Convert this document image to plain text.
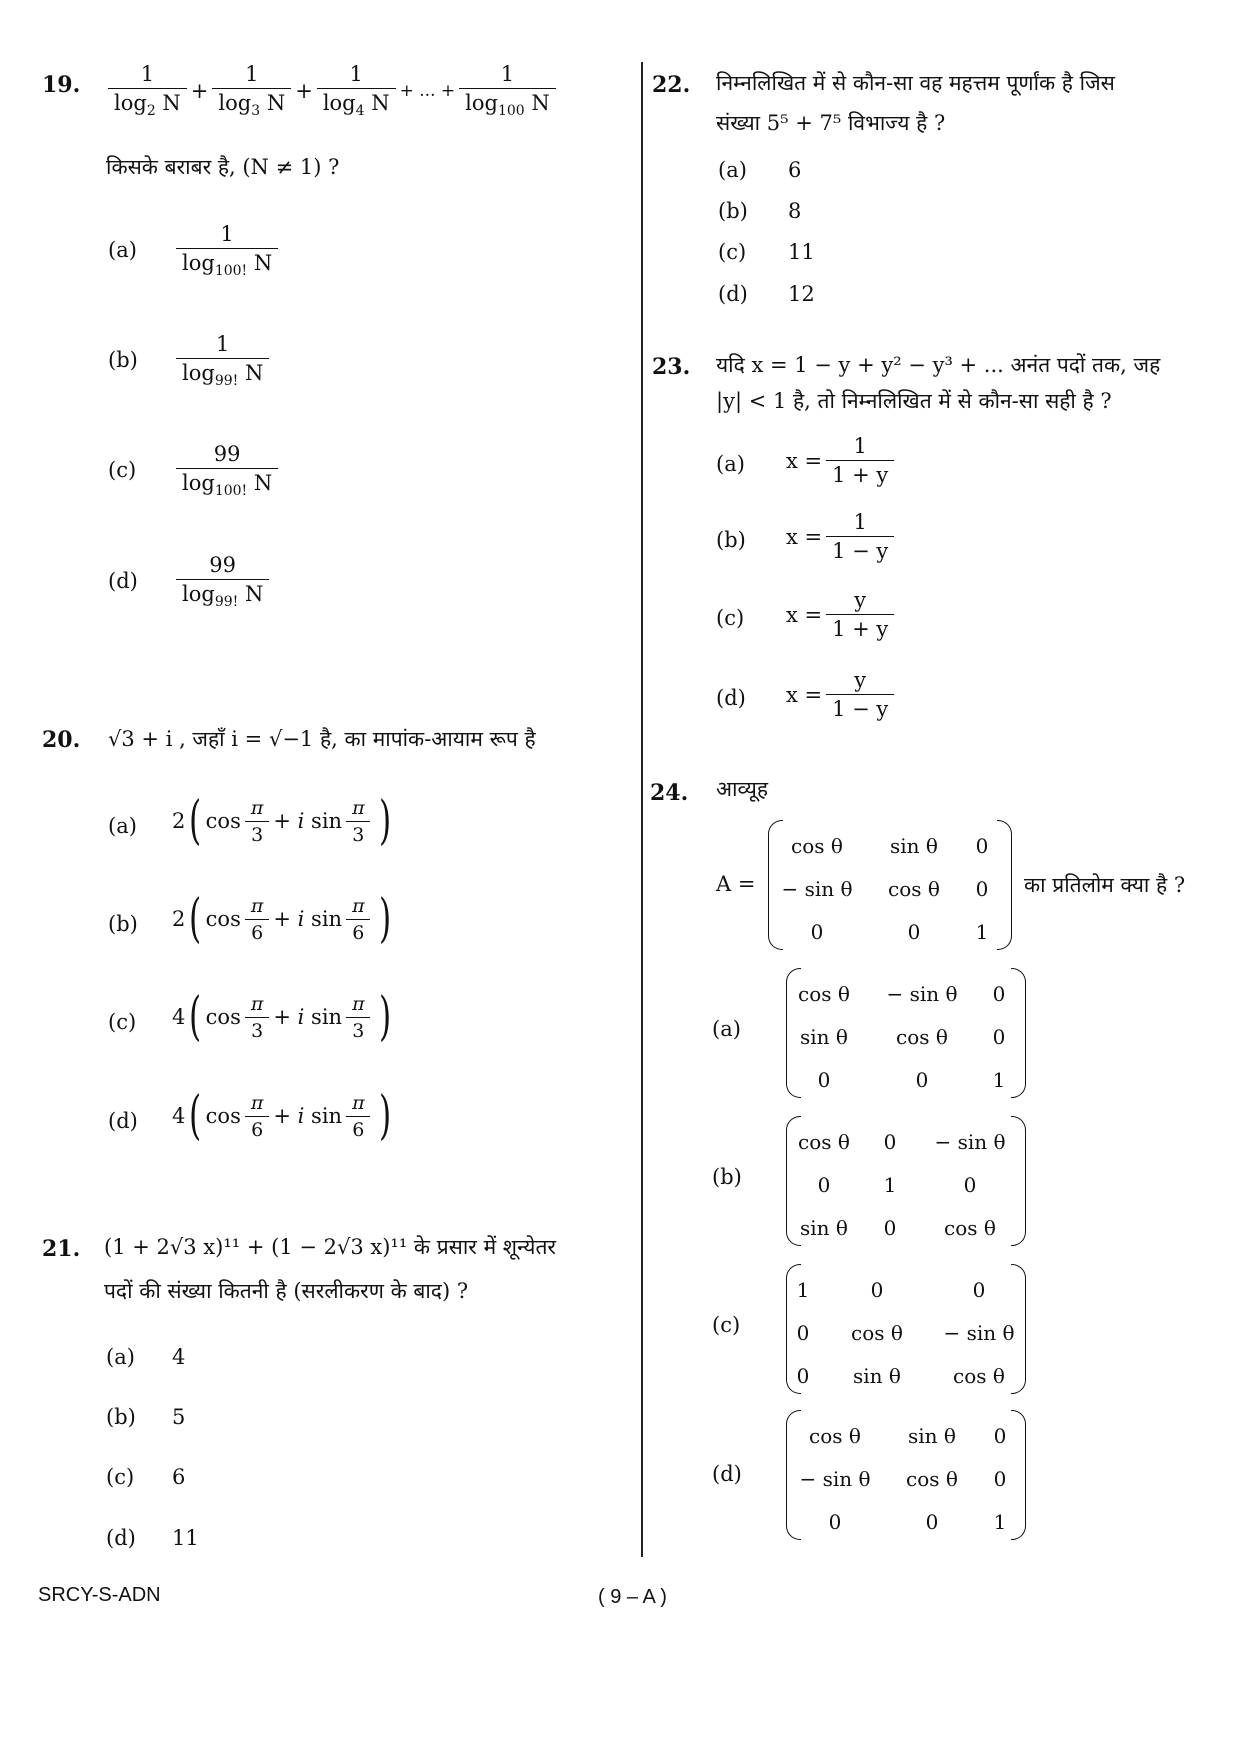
19. $\frac{1}{\log_2 N} + \frac{1}{\log_3 N} + \frac{1}{\log_4 N}$ + ... + $\frac{1}{\log_{100} N}$
किसके बराबर है, (N ≠ 1) ?
$(a) \frac{1}{\log_{100!} N}$
$(b) \frac{1}{\log_{99!} N}$
$(c) \frac{99}{\log_{100!} N}$
$(d) \frac{99}{\log_{99!} N}$
20. √3 + i , जहाँ i = √−1 है, का मापांक-आयाम रूप है
(a) 2 ( $\cos \frac{\pi}{3} + i$
$\sin \frac{\pi}{3}$ )
(b) 2 ( $\cos \frac{\pi}{6} + i$
$\sin \frac{\pi}{6}$ )
(c) 4 ( $\cos \frac{\pi}{3} + i$
$\sin \frac{\pi}{3}$ )
(d) 4 ( $\cos \frac{\pi}{6} + i$
$\sin \frac{\pi}{6}$ )
21. (1 + 2√3 x)¹¹ + (1 − 2√3 x)¹¹ के प्रसार में शून्येतर
पदों की संख्या कितनी है (सरलीकरण के बाद) ?
(a) 4
(b) 5
(c) 6
(d) 11
22. निम्नलिखित में से कौन-सा वह महत्तम पूर्णांक है जिस
संख्या 5⁵ + 7⁵ विभाज्य है ?
(a) 6
(b) 8
(c) 11
(d) 12
23. यदि x = 1 − y + y² − y³ + ... अनंत पदों तक, जह
|y| < 1 है, तो निम्नलिखित में से कौन-सा सही है ?
(a) $x = \frac{1}{1 + y}$
(b) $x = \frac{1}{1 - y}$
(c) $x = \frac{y}{1 + y}$
(d) $x = \frac{y}{1 - y}$
24. आव्यूह
A =
cos θ	sin θ	0
− sin θ	cos θ	0
0	0	1
का प्रतिलोम क्या है ?
(a)
cos θ	− sin θ	0
sin θ	cos θ	0
0	0	1
(b)
cos θ	0	− sin θ
0	1	0
sin θ	0	cos θ
(c)
1	0	0
0	cos θ	− sin θ
0	sin θ	cos θ
(d)
cos θ	sin θ	0
− sin θ	cos θ	0
0	0	1
SRCY-S-ADN	( 9 – A )
